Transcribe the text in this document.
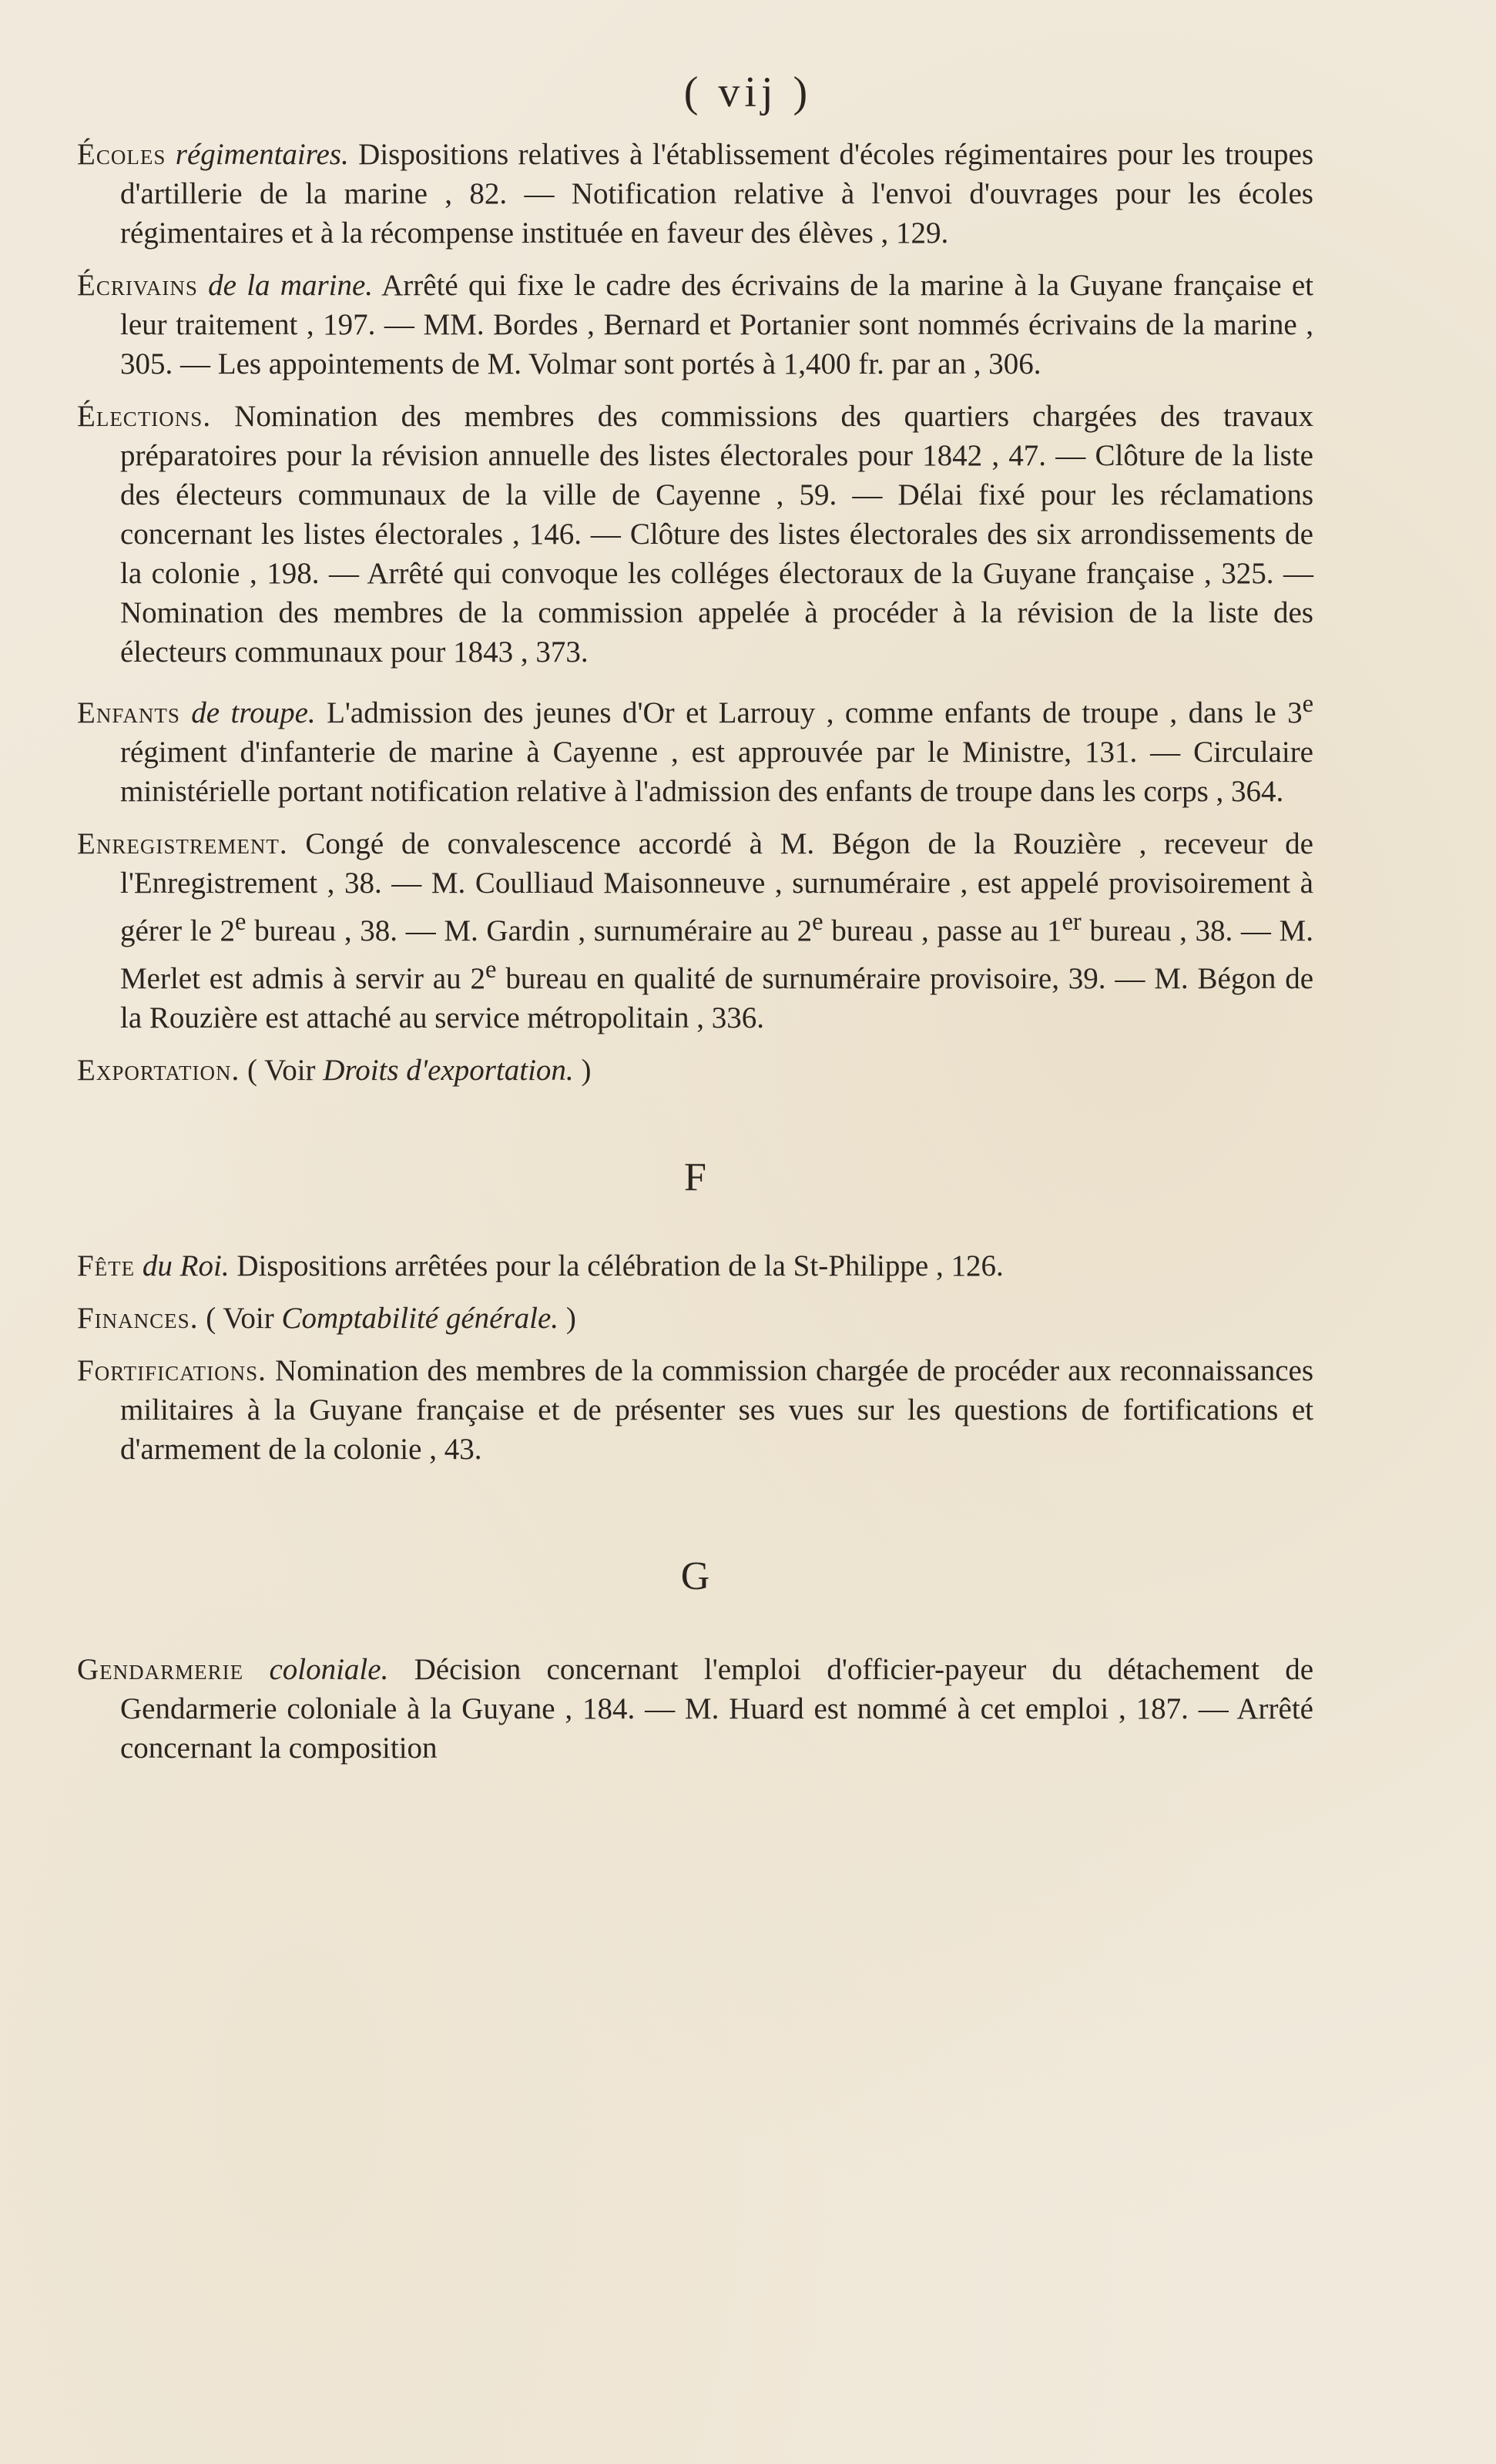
( vij )

Écoles régimentaires. Dispositions relatives à l'établissement d'écoles régimentaires pour les troupes d'artillerie de la marine , 82. — Notification relative à l'envoi d'ouvrages pour les écoles régimentaires et à la récompense instituée en faveur des élèves , 129.

Écrivains de la marine. Arrêté qui fixe le cadre des écrivains de la marine à la Guyane française et leur traitement , 197. — MM. Bordes , Bernard et Portanier sont nommés écrivains de la marine , 305. — Les appointements de M. Volmar sont portés à 1,400 fr. par an , 306.

Élections. Nomination des membres des commissions des quartiers chargées des travaux préparatoires pour la révision annuelle des listes électorales pour 1842 , 47. — Clôture de la liste des électeurs communaux de la ville de Cayenne , 59. — Délai fixé pour les réclamations concernant les listes électorales , 146. — Clôture des listes électorales des six arrondissements de la colonie , 198. — Arrêté qui convoque les colléges électoraux de la Guyane française , 325. — Nomination des membres de la commission appelée à procéder à la révision de la liste des électeurs communaux pour 1843 , 373.

Enfants de troupe. L'admission des jeunes d'Or et Larrouy , comme enfants de troupe , dans le 3e régiment d'infanterie de marine à Cayenne , est approuvée par le Ministre, 131. — Circulaire ministérielle portant notification relative à l'admission des enfants de troupe dans les corps , 364.

Enregistrement. Congé de convalescence accordé à M. Bégon de la Rouzière , receveur de l'Enregistrement , 38. — M. Coulliaud Maisonneuve , surnuméraire , est appelé provisoirement à gérer le 2e bureau , 38. — M. Gardin , surnuméraire au 2e bureau , passe au 1er bureau , 38. — M. Merlet est admis à servir au 2e bureau en qualité de surnuméraire provisoire, 39. — M. Bégon de la Rouzière est attaché au service métropolitain , 336.

Exportation. ( Voir Droits d'exportation. )

F

Fête du Roi. Dispositions arrêtées pour la célébration de la St-Philippe , 126.

Finances. ( Voir Comptabilité générale. )

Fortifications. Nomination des membres de la commission chargée de procéder aux reconnaissances militaires à la Guyane française et de présenter ses vues sur les questions de fortifications et d'armement de la colonie , 43.

G

Gendarmerie coloniale. Décision concernant l'emploi d'officier-payeur du détachement de Gendarmerie coloniale à la Guyane , 184. — M. Huard est nommé à cet emploi , 187. — Arrêté concernant la composition
